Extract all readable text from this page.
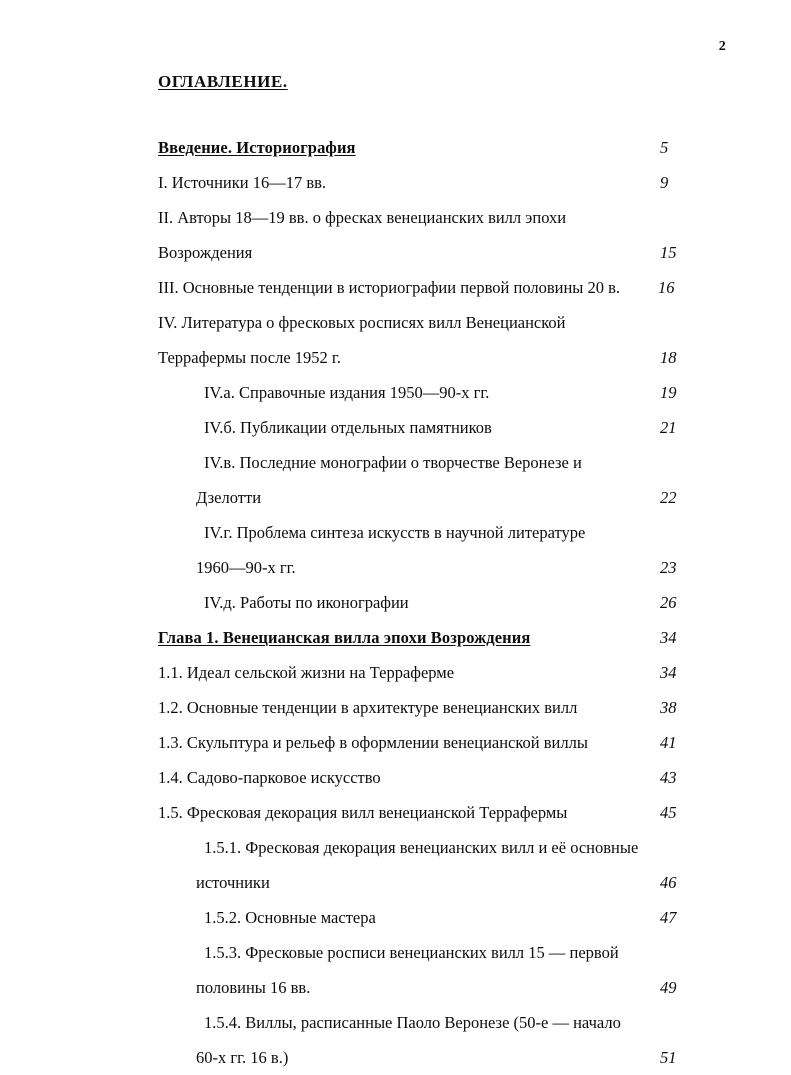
2
ОГЛАВЛЕНИЕ.
Введение. Историография	5
I. Источники 16—17 вв.	9
II. Авторы 18—19 вв. о фресках венецианских вилл эпохи
Возрождения	15
III. Основные тенденции в историографии первой половины 20 в. 16
IV. Литература о фресковых росписях вилл Венецианской
Террафермы после 1952 г.	18
IV.а. Справочные издания 1950—90-х гг.	19
IV.б. Публикации отдельных памятников	21
IV.в. Последние монографии о творчестве Веронезе и
Дзелотти	22
IV.г. Проблема синтеза искусств в научной литературе
1960—90-х гг.	23
IV.д. Работы по иконографии	26
Глава 1. Венецианская вилла эпохи Возрождения	34
1.1. Идеал сельской жизни на Терраферме	34
1.2. Основные тенденции в архитектуре венецианских вилл	38
1.3. Скульптура и рельеф в оформлении венецианской виллы	41
1.4. Садово-парковое искусство	43
1.5. Фресковая декорация вилл венецианской Террафермы	45
1.5.1. Фресковая декорация венецианских вилл и её основные
источники	46
1.5.2. Основные мастера	47
1.5.3. Фресковые росписи венецианских вилл 15 — первой
половины 16 вв.	49
1.5.4. Виллы, расписанные Паоло Веронезе (50-е — начало
60-х гг. 16 в.)	51
